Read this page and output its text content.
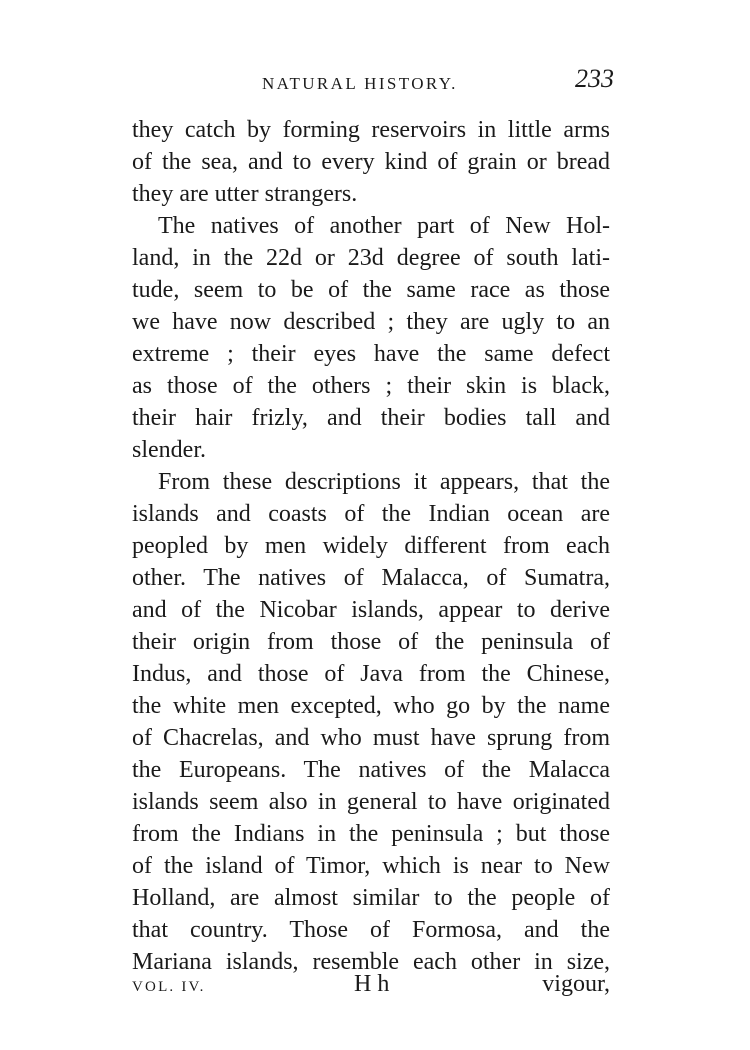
NATURAL HISTORY.	233

they catch by forming reservoirs in little arms
of the sea, and to every kind of grain or bread
they are utter strangers.

The natives of another part of New Hol-
land, in the 22d or 23d degree of south lati-
tude, seem to be of the same race as those
we have now described ; they are ugly to an
extreme ; their eyes have the same defect
as those of the others ; their skin is black,
their hair frizly, and their bodies tall and
slender.

From these descriptions it appears, that the
islands and coasts of the Indian ocean are
peopled by men widely different from each
other. The natives of Malacca, of Sumatra,
and of the Nicobar islands, appear to derive
their origin from those of the peninsula of
Indus, and those of Java from the Chinese,
the white men excepted, who go by the name
of Chacrelas, and who must have sprung from
the Europeans. The natives of the Malacca
islands seem also in general to have originated
from the Indians in the peninsula ; but those
of the island of Timor, which is near to New
Holland, are almost similar to the people of
that country. Those of Formosa, and the
Mariana islands, resemble each other in size,

VOL. IV.	H h	vigour,
